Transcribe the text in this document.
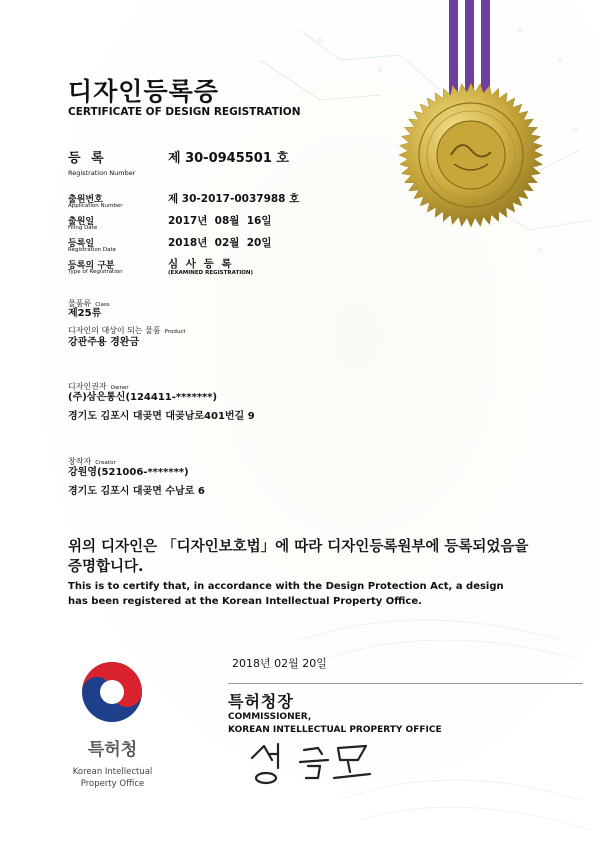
디자인등록증
CERTIFICATE OF DESIGN REGISTRATION
등 록
Registration Number
제 30-0945501 호
출원번호
Application Number
제 30-2017-0037988 호
출원일
Filing Date
2017년  08월  16일
등록일
Registration Date
2018년  02월  20일
등록의 구분
Type of Registration
심 사 등 록
(EXAMINED REGISTRATION)
물품류 Class
제25류
디자인의 대상이 되는 물품 Product
강관주용 경완금
디자인권자 Owner
(주)삼은통신(124411-*******)
경기도 김포시 대곶면 대곶남로401번길 9
창작자 Creator
강원영(521006-*******)
경기도 김포시 대곶면 수남로 6
위의 디자인은 「디자인보호법」에 따라 디자인등록원부에 등록되었음을
증명합니다.
This is to certify that, in accordance with the Design Protection Act, a design
has been registered at the Korean Intellectual Property Office.
특허청
Korean Intellectual
Property Office
2018년 02월 20일
특허청장
COMMISSIONER,
KOREAN INTELLECTUAL PROPERTY OFFICE
